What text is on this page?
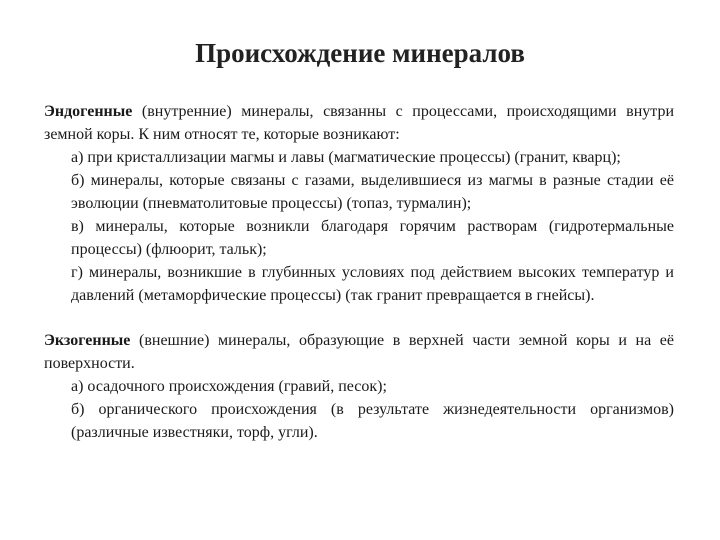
Происхождение минералов

Эндогенные (внутренние) минералы, связанны с процессами, происходящими внутри земной коры. К ним относят те, которые возникают:

а) при кристаллизации магмы и лавы (магматические процессы) (гранит, кварц);

б) минералы, которые связаны с газами, выделившиеся из магмы в разные стадии её эволюции (пневматолитовые процессы) (топаз, турмалин);

в) минералы, которые возникли благодаря горячим растворам (гидротермальные процессы) (флюорит, тальк);

г) минералы, возникшие в глубинных условиях под действием высоких температур и давлений (метаморфические процессы) (так гранит превращается в гнейсы).

Экзогенные (внешние) минералы, образующие в верхней части земной коры и на её поверхности.

а) осадочного происхождения (гравий, песок);

б) органического происхождения (в результате жизнедеятельности организмов) (различные известняки, торф, угли).
